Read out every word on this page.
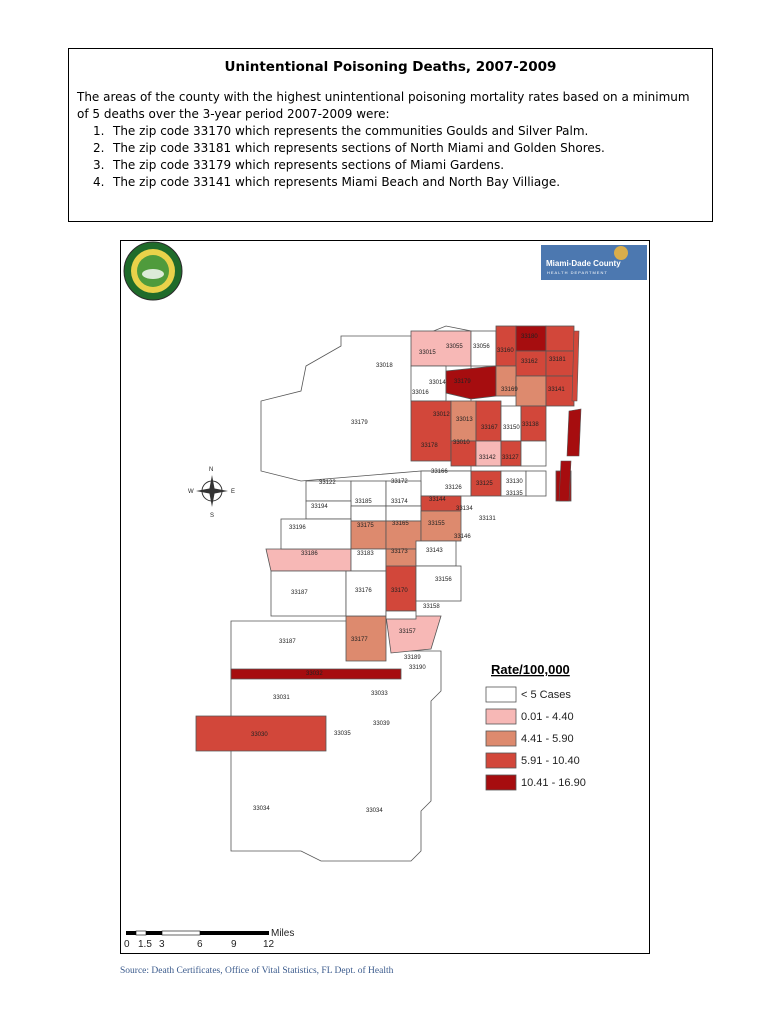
Unintentional Poisoning Deaths, 2007-2009

The areas of the county with the highest unintentional poisoning mortality rates based on a minimum of 5 deaths over the 3-year period 2007-2009 were:

1. The zip code 33170 which represents the communities Goulds and Silver Palm.
2. The zip code 33181 which represents sections of North Miami and Golden Shores.
3. The zip code 33179 which represents sections of Miami Gardens.
4. The zip code 33141 which represents Miami Beach and North Bay Villiage.
Miami-Dade County
HEALTH DEPARTMENT
N
S
E
W
33015
33055 33056
33160
33180
33018
33179
33162 33181
33014
33016	33169	33141
33179
33012
33013
33167 33150 33138
33178	33010
33142 33127
33166
33130
33125
33126
33135
33122	33172
33144
33194
33185	33174
33134
33131
33196	33175	33165	33155
33146
33186	33183	33173	33143
33187	33176	33170
33156
33158
33187	33177
33157
33189
33190
33032
33031
33033
33030	33035
33039
33034	33034
Rate/100,000
< 5 Cases
0.01 - 4.40
4.41 - 5.90
5.91 - 10.40
10.41 - 16.90
Miles
0 1.5 3	6	9	12
Source: Death Certificates, Office of Vital Statistics, FL Dept. of Health
